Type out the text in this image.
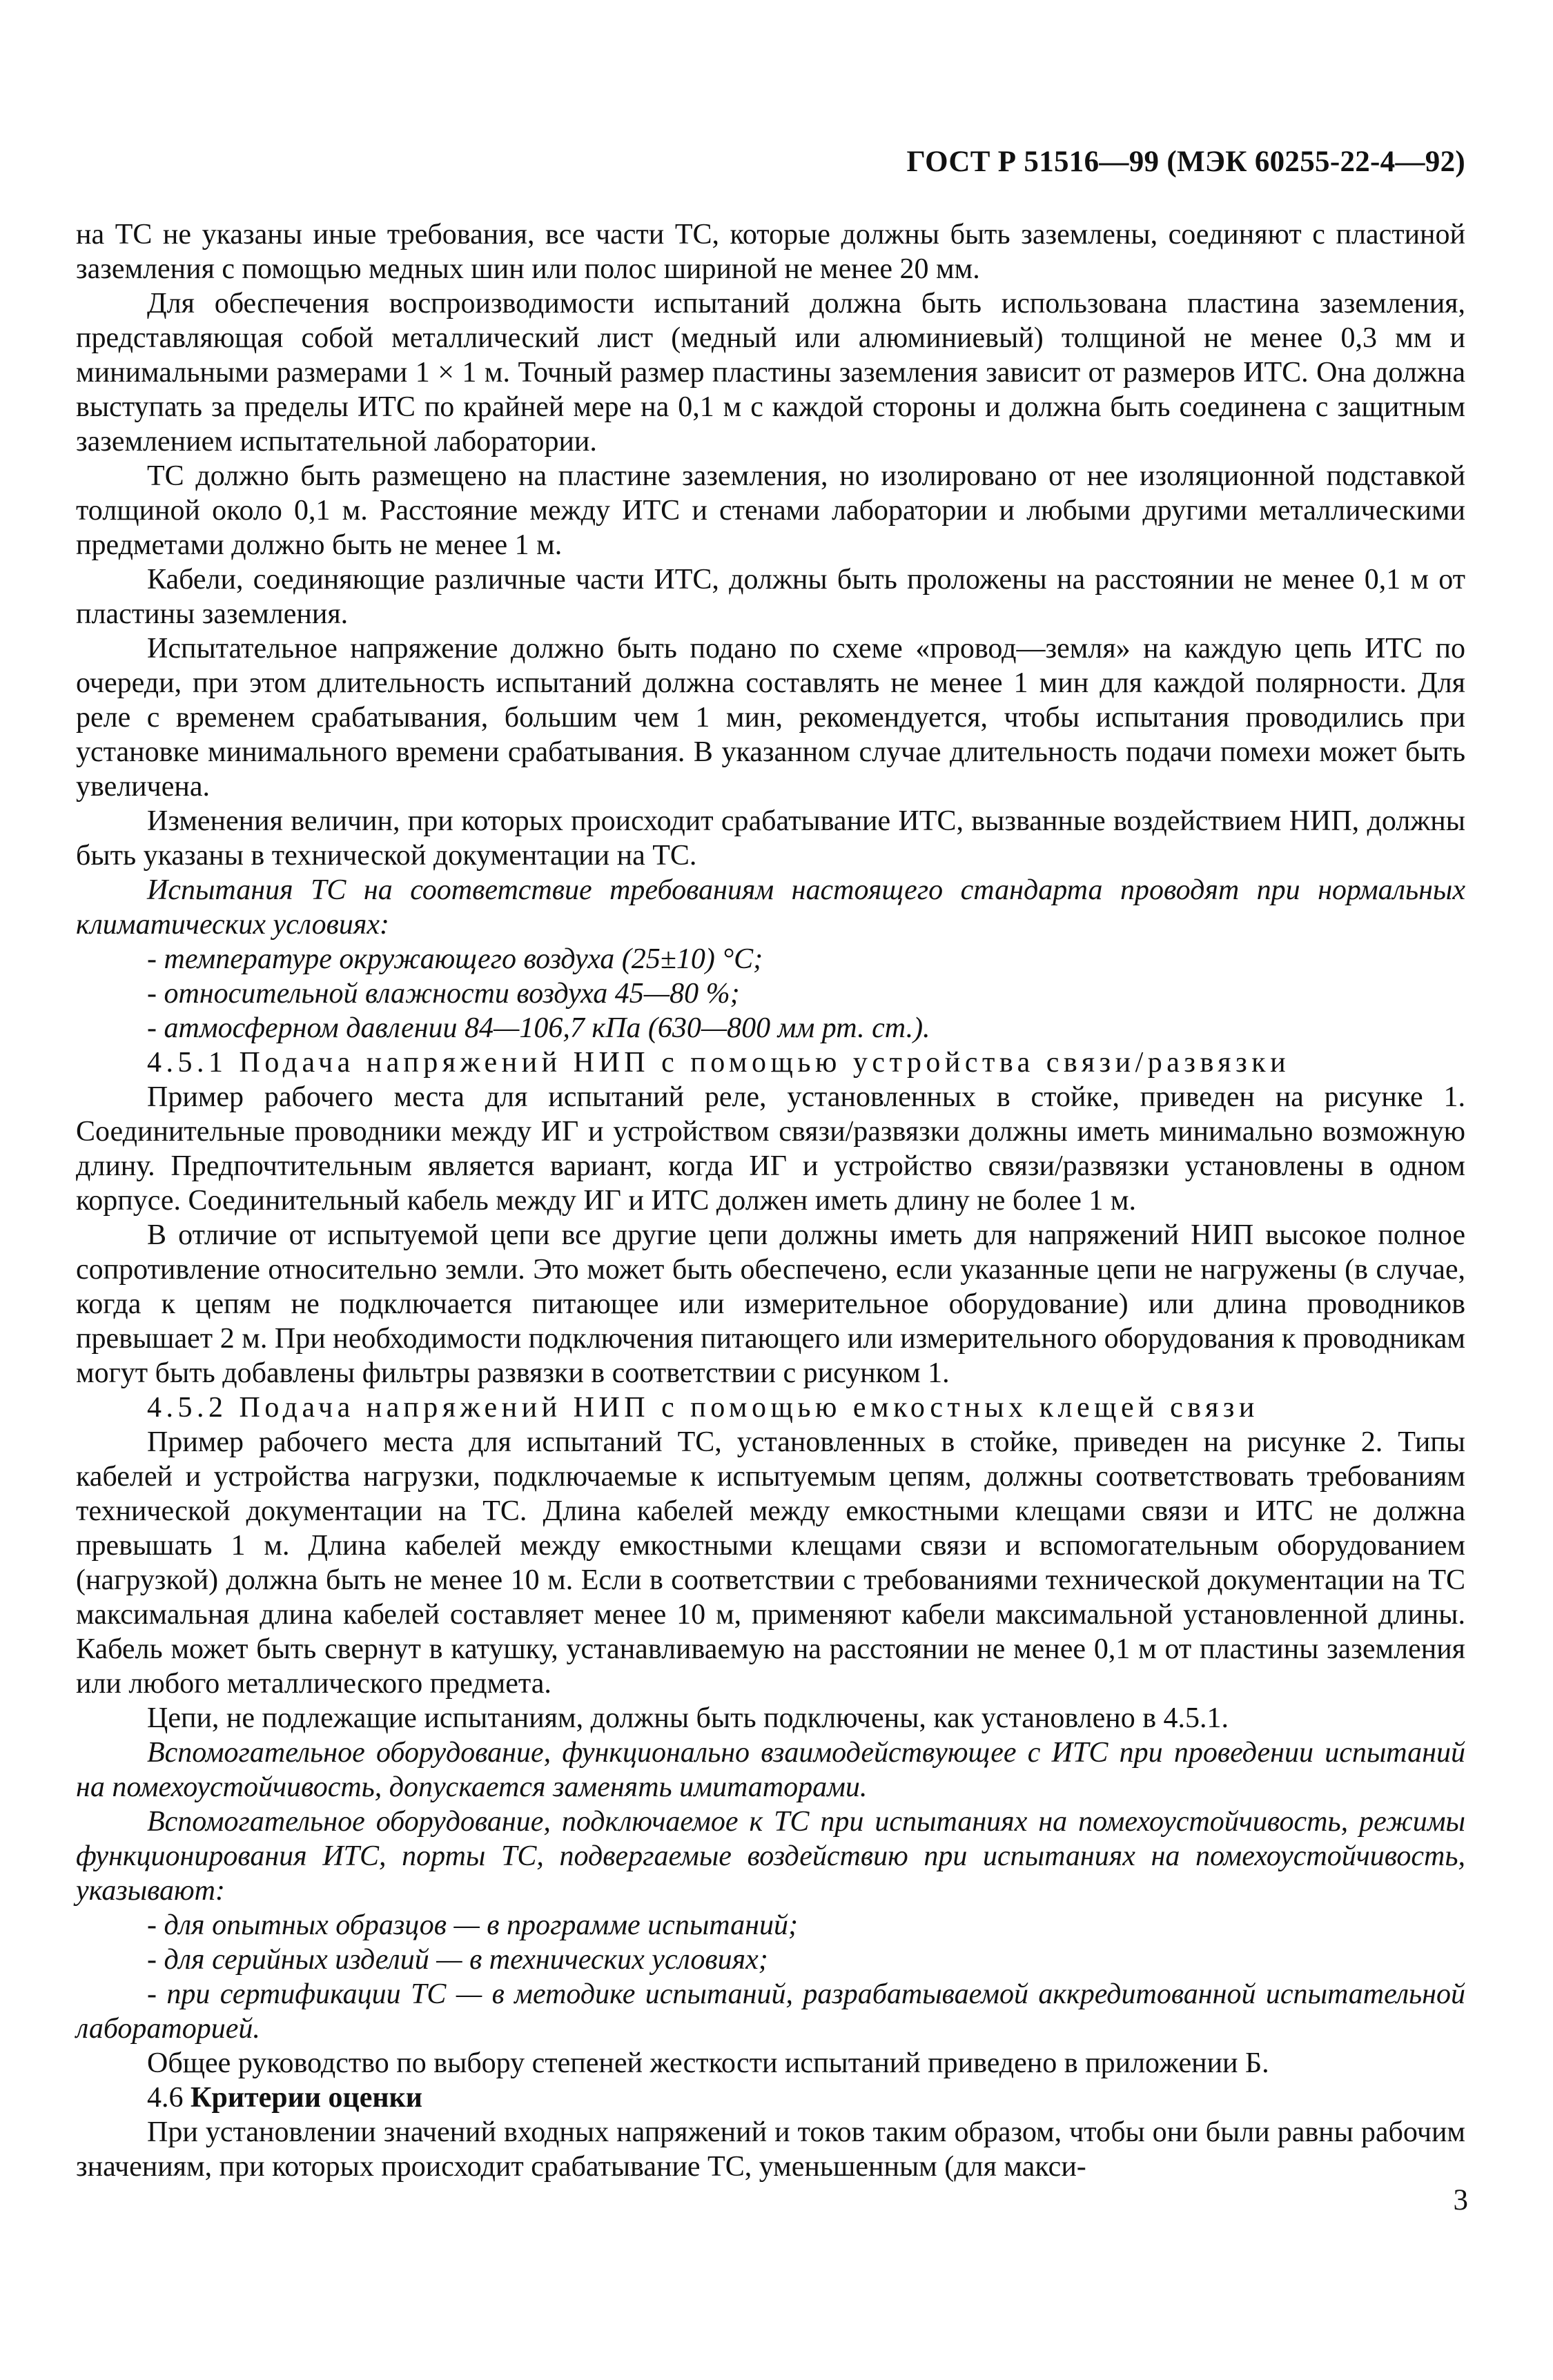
ГОСТ Р 51516—99 (МЭК 60255-22-4—92)

на ТС не указаны иные требования, все части ТС, которые должны быть заземлены, соединяют с пластиной заземления с помощью медных шин или полос шириной не менее 20 мм.

Для обеспечения воспроизводимости испытаний должна быть использована пластина заземления, представляющая собой металлический лист (медный или алюминиевый) толщиной не менее 0,3 мм и минимальными размерами 1 × 1 м. Точный размер пластины заземления зависит от размеров ИТС. Она должна выступать за пределы ИТС по крайней мере на 0,1 м с каждой стороны и должна быть соединена с защитным заземлением испытательной лаборатории.

ТС должно быть размещено на пластине заземления, но изолировано от нее изоляционной подставкой толщиной около 0,1 м. Расстояние между ИТС и стенами лаборатории и любыми другими металлическими предметами должно быть не менее 1 м.

Кабели, соединяющие различные части ИТС, должны быть проложены на расстоянии не менее 0,1 м от пластины заземления.

Испытательное напряжение должно быть подано по схеме «провод—земля» на каждую цепь ИТС по очереди, при этом длительность испытаний должна составлять не менее 1 мин для каждой полярности. Для реле с временем срабатывания, большим чем 1 мин, рекомендуется, чтобы испытания проводились при установке минимального времени срабатывания. В указанном случае длительность подачи помехи может быть увеличена.

Изменения величин, при которых происходит срабатывание ИТС, вызванные воздействием НИП, должны быть указаны в технической документации на ТС.

Испытания ТС на соответствие требованиям настоящего стандарта проводят при нормальных климатических условиях:

- температуре окружающего воздуха (25±10) °С;

- относительной влажности воздуха 45—80 %;

- атмосферном давлении 84—106,7 кПа (630—800 мм рт. ст.).

4.5.1 Подача напряжений НИП с помощью устройства связи/развязки

Пример рабочего места для испытаний реле, установленных в стойке, приведен на рисунке 1. Соединительные проводники между ИГ и устройством связи/развязки должны иметь минимально возможную длину. Предпочтительным является вариант, когда ИГ и устройство связи/развязки установлены в одном корпусе. Соединительный кабель между ИГ и ИТС должен иметь длину не более 1 м.

В отличие от испытуемой цепи все другие цепи должны иметь для напряжений НИП высокое полное сопротивление относительно земли. Это может быть обеспечено, если указанные цепи не нагружены (в случае, когда к цепям не подключается питающее или измерительное оборудование) или длина проводников превышает 2 м. При необходимости подключения питающего или измерительного оборудования к проводникам могут быть добавлены фильтры развязки в соответствии с рисунком 1.

4.5.2 Подача напряжений НИП с помощью емкостных клещей связи

Пример рабочего места для испытаний ТС, установленных в стойке, приведен на рисунке 2. Типы кабелей и устройства нагрузки, подключаемые к испытуемым цепям, должны соответствовать требованиям технической документации на ТС. Длина кабелей между емкостными клещами связи и ИТС не должна превышать 1 м. Длина кабелей между емкостными клещами связи и вспомогательным оборудованием (нагрузкой) должна быть не менее 10 м. Если в соответствии с требованиями технической документации на ТС максимальная длина кабелей составляет менее 10 м, применяют кабели максимальной установленной длины. Кабель может быть свернут в катушку, устанавливаемую на расстоянии не менее 0,1 м от пластины заземления или любого металлического предмета.

Цепи, не подлежащие испытаниям, должны быть подключены, как установлено в 4.5.1.

Вспомогательное оборудование, функционально взаимодействующее с ИТС при проведении испытаний на помехоустойчивость, допускается заменять имитаторами.

Вспомогательное оборудование, подключаемое к ТС при испытаниях на помехоустойчивость, режимы функционирования ИТС, порты ТС, подвергаемые воздействию при испытаниях на помехоустойчивость, указывают:

- для опытных образцов — в программе испытаний;

- для серийных изделий — в технических условиях;

- при сертификации ТС — в методике испытаний, разрабатываемой аккредитованной испытательной лабораторией.

Общее руководство по выбору степеней жесткости испытаний приведено в приложении Б.

4.6 Критерии оценки

При установлении значений входных напряжений и токов таким образом, чтобы они были равны рабочим значениям, при которых происходит срабатывание ТС, уменьшенным (для макси-

3
